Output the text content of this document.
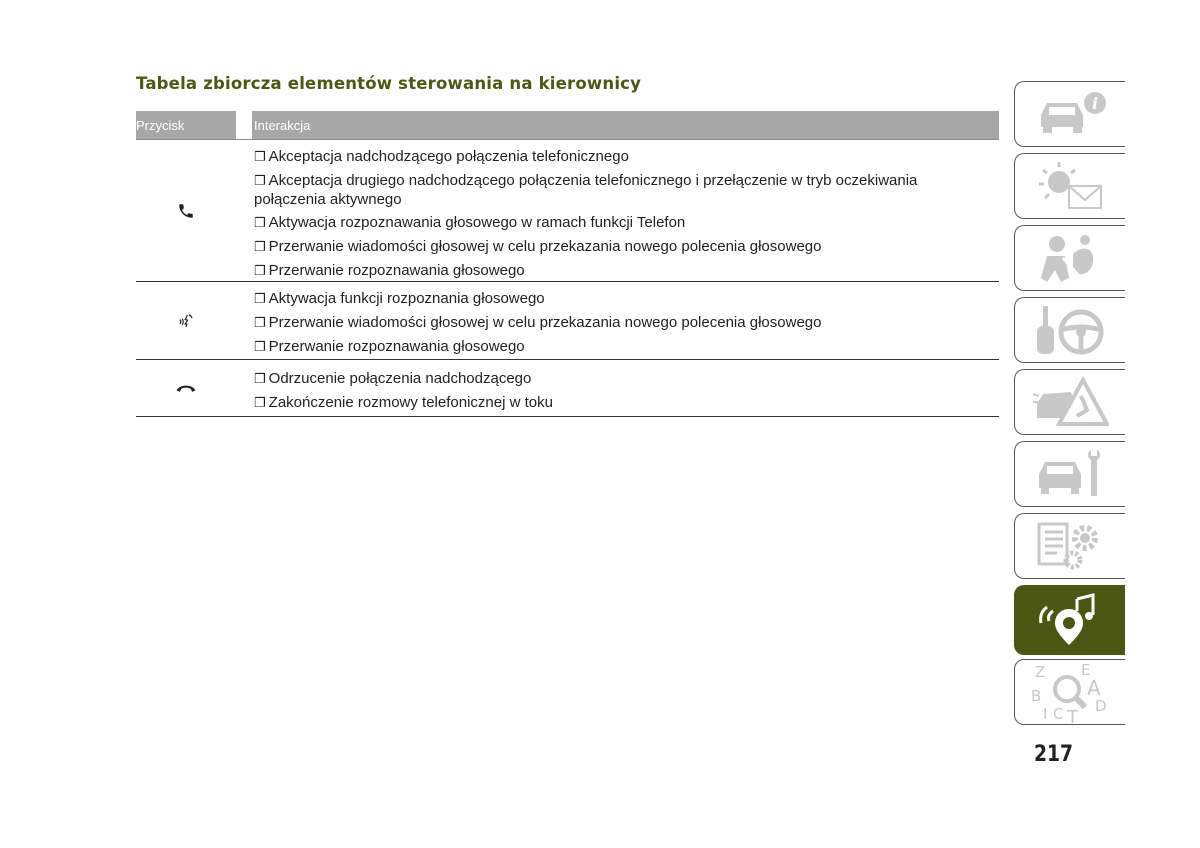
Tabela zbiorcza elementów sterowania na kierownicy
Przycisk	Interakcja
❒ Akceptacja nadchodzącego połączenia telefonicznego
❒ Akceptacja drugiego nadchodzącego połączenia telefonicznego i przełączenie w tryb oczekiwania połączenia aktywnego
❒ Aktywacja rozpoznawania głosowego w ramach funkcji Telefon
❒ Przerwanie wiadomości głosowej w celu przekazania nowego polecenia głosowego
❒ Przerwanie rozpoznawania głosowego
❒ Aktywacja funkcji rozpoznania głosowego
❒ Przerwanie wiadomości głosowej w celu przekazania nowego polecenia głosowego
❒ Przerwanie rozpoznawania głosowego
❒ Odrzucenie połączenia nadchodzącego
❒ Zakończenie rozmowy telefonicznej w toku
i
Z E
B A
I C T
D
217
